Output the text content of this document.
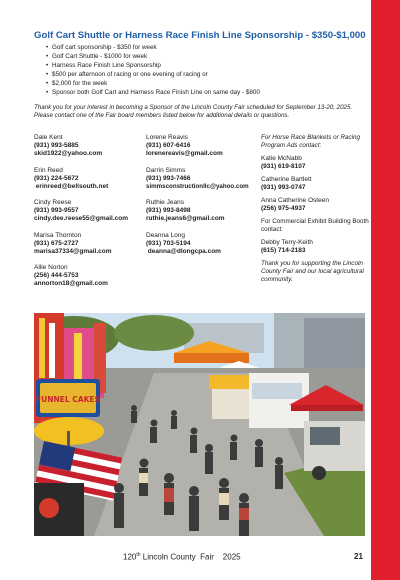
Golf Cart Shuttle or Harness Race Finish Line Sponsorship - $350-$1,000
• Golf cart sponsorship - $350 for week
• Golf Cart Shuttle - $1000 for week
• Harness Race Finish Line Sponsorship
• $500 per afternoon of racing or one evening of racing or
• $2,000 for the week
• Sponsor both Golf Cart and Harness Race Finish Line on same day - $800

Thank you for your interest in becoming a Sponsor of the Lincoln County Fair scheduled for September 13-20, 2025. Please contact one of the Fair board members listed below for additional details or questions.

Dale Kent
(931) 993-5885
skid1922@yahoo.com
Erin Reed
(931) 224-5672
erinreed@bellsouth.net
Cindy Reese
(931) 993-9557
cindy.dee.reese55@gmail.com
Marisa Thornton
(931) 675-2727
marisa37334@gmail.com
Allie Norton
(256) 444-5753
annorton18@gmail.com
Lorene Reavis
(931) 607-6416
lorenereavis@gmail.com
Darrin Simms
(931) 993-7466
simmsconstructionllc@yahoo.com
Ruthie Jeans
(931) 993-8498
ruthie.jeans6@gmail.com
Deanna Long
(931) 703-5194
deanna@dlongcpa.com
For Horse Race Blankets or Racing Program Ads contact:
Katie McNabb
(931) 619-8107
Catherine Bartlett
(931) 993-0747
Anna Catherine Osteen
(256) 975-4937
For Commercial Exhibit Building Booth contact:
Debby Terry-Keith
(615) 714-2183
Thank you for supporting the Lincoln County Fair and our local agricultural community.
FUNNEL CAKES
120th Lincoln County  Fair    2025	21
